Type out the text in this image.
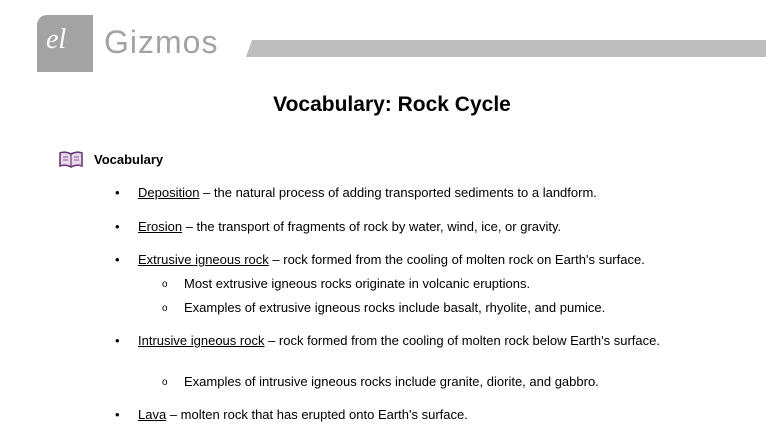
el Gizmos
Vocabulary: Rock Cycle
Vocabulary
• Deposition – the natural process of adding transported sediments to a landform.
• Erosion – the transport of fragments of rock by water, wind, ice, or gravity.
• Extrusive igneous rock – rock formed from the cooling of molten rock on Earth's surface.
o Most extrusive igneous rocks originate in volcanic eruptions.
o Examples of extrusive igneous rocks include basalt, rhyolite, and pumice.
• Intrusive igneous rock – rock formed from the cooling of molten rock below Earth's surface.
o Examples of intrusive igneous rocks include granite, diorite, and gabbro.
• Lava – molten rock that has erupted onto Earth's surface.
